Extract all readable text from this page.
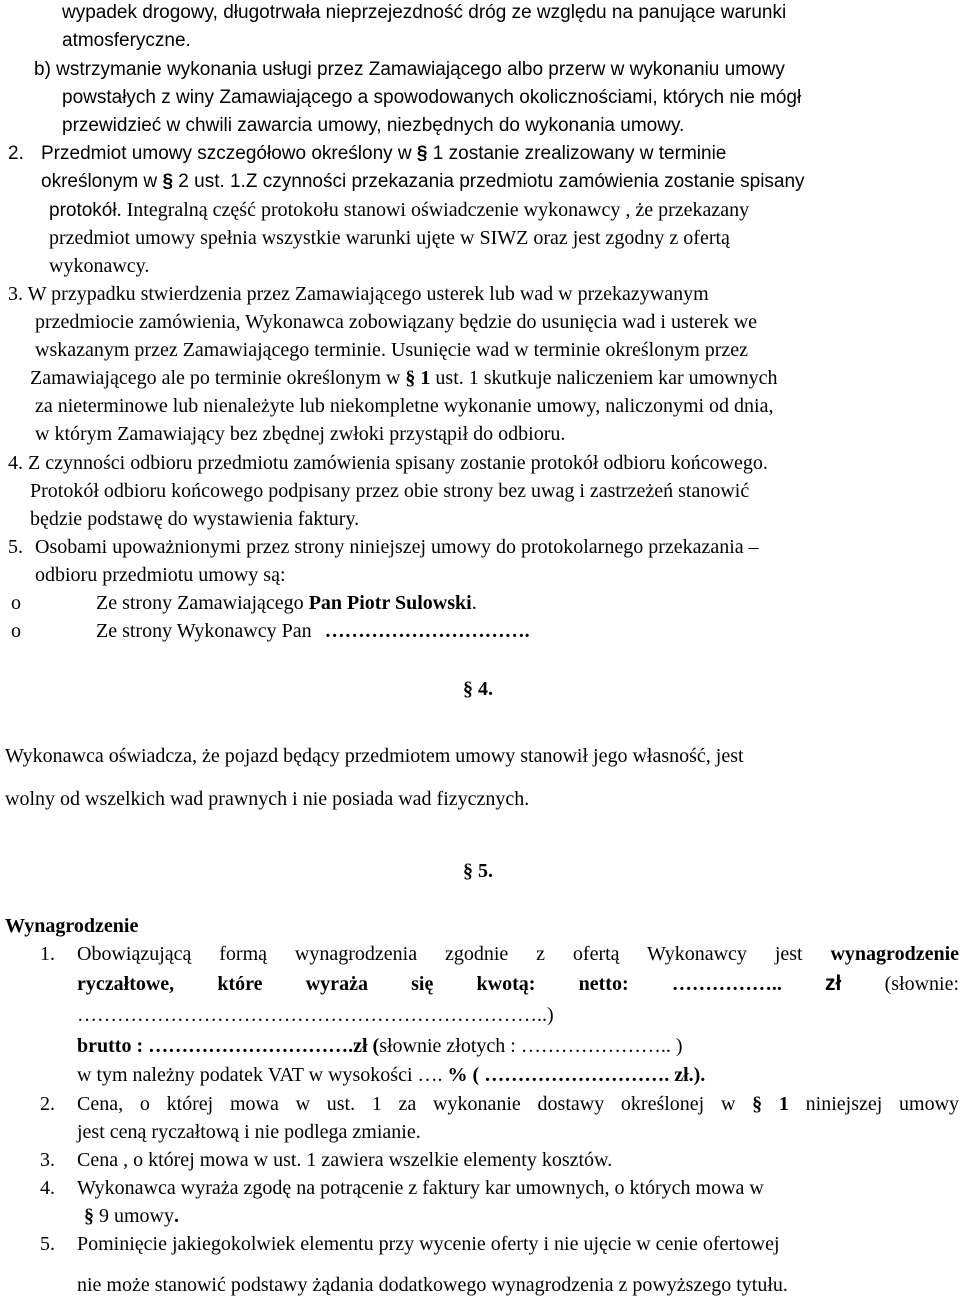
wypadek drogowy, długotrwała nieprzejezdność dróg ze względu na panujące warunki
atmosferyczne.
b) wstrzymanie wykonania usługi przez Zamawiającego albo przerw w wykonaniu umowy
powstałych z winy Zamawiającego a spowodowanych okolicznościami, których nie mógł
przewidzieć w chwili zawarcia umowy, niezbędnych do wykonania umowy.
2. Przedmiot umowy szczegółowo określony w § 1 zostanie zrealizowany w terminie
określonym w § 2 ust. 1.Z czynności przekazania przedmiotu zamówienia zostanie spisany
protokół. Integralną część protokołu stanowi oświadczenie wykonawcy , że przekazany
przedmiot umowy spełnia wszystkie warunki ujęte w SIWZ oraz jest zgodny z ofertą
wykonawcy.
3. W przypadku stwierdzenia przez Zamawiającego usterek lub wad w przekazywanym
przedmiocie zamówienia, Wykonawca zobowiązany będzie do usunięcia wad i usterek we
wskazanym przez Zamawiającego terminie. Usunięcie wad w terminie określonym przez
Zamawiającego ale po terminie określonym w § 1 ust. 1 skutkuje naliczeniem kar umownych
za nieterminowe lub nienależyte lub niekompletne wykonanie umowy, naliczonymi od dnia,
w którym Zamawiający bez zbędnej zwłoki przystąpił do odbioru.
4. Z czynności odbioru przedmiotu zamówienia spisany zostanie protokół odbioru końcowego.
Protokół odbioru końcowego podpisany przez obie strony bez uwag i zastrzeżeń stanowić
będzie podstawę do wystawienia faktury.
5. Osobami upoważnionymi przez strony niniejszej umowy do protokolarnego przekazania –
odbioru przedmiotu umowy są:
o	Ze strony Zamawiającego Pan Piotr Sulowski.
o	Ze strony Wykonawcy Pan ………………………….
§ 4.
Wykonawca oświadcza, że pojazd będący przedmiotem umowy stanowił jego własność, jest
wolny od wszelkich wad prawnych i nie posiada wad fizycznych.
§ 5.
Wynagrodzenie
1. Obowiązującą formą wynagrodzenia zgodnie z ofertą Wykonawcy jest wynagrodzenie
ryczałtowe, które wyraża się kwotą: netto: …………….. zł (słownie:
……………………………………………………………..)
brutto : ………………………….zł (słownie złotych : ………………….. )
w tym należny podatek VAT w wysokości …. % ( ………………………. zł.).
2. Cena, o której mowa w ust. 1 za wykonanie dostawy określonej w § 1 niniejszej umowy
jest ceną ryczałtową i nie podlega zmianie.
3. Cena , o której mowa w ust. 1 zawiera wszelkie elementy kosztów.
4. Wykonawca wyraża zgodę na potrącenie z faktury kar umownych, o których mowa w
§ 9 umowy.
5. Pominięcie jakiegokolwiek elementu przy wycenie oferty i nie ujęcie w cenie ofertowej
nie może stanowić podstawy żądania dodatkowego wynagrodzenia z powyższego tytułu.
